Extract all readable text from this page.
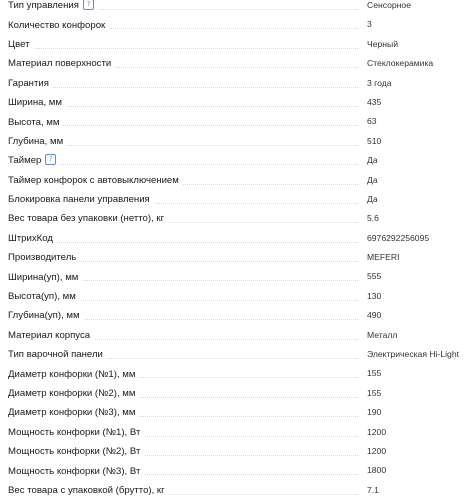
Тип управления ?	Сенсорное
Количество конфорок	3
Цвет	Черный
Материал поверхности	Стеклокерамика
Гарантия	3 года
Ширина, мм	435
Высота, мм	63
Глубина, мм	510
Таймер ?	Да
Таймер конфорок с автовыключением	Да
Блокировка панели управления	Да
Вес товара без упаковки (нетто), кг	5.6
ШтрихКод	6976292256095
Производитель	MEFERI
Ширина(уп), мм	555
Высота(уп), мм	130
Глубина(уп), мм	490
Материал корпуса	Металл
Тип варочной панели	Электрическая Hi-Light
Диаметр конфорки (№1), мм	155
Диаметр конфорки (№2), мм	155
Диаметр конфорки (№3), мм	190
Мощность конфорки (№1), Вт	1200
Мощность конфорки (№2), Вт	1200
Мощность конфорки (№3), Вт	1800
Вес товара с упаковкой (брутто), кг	7.1
